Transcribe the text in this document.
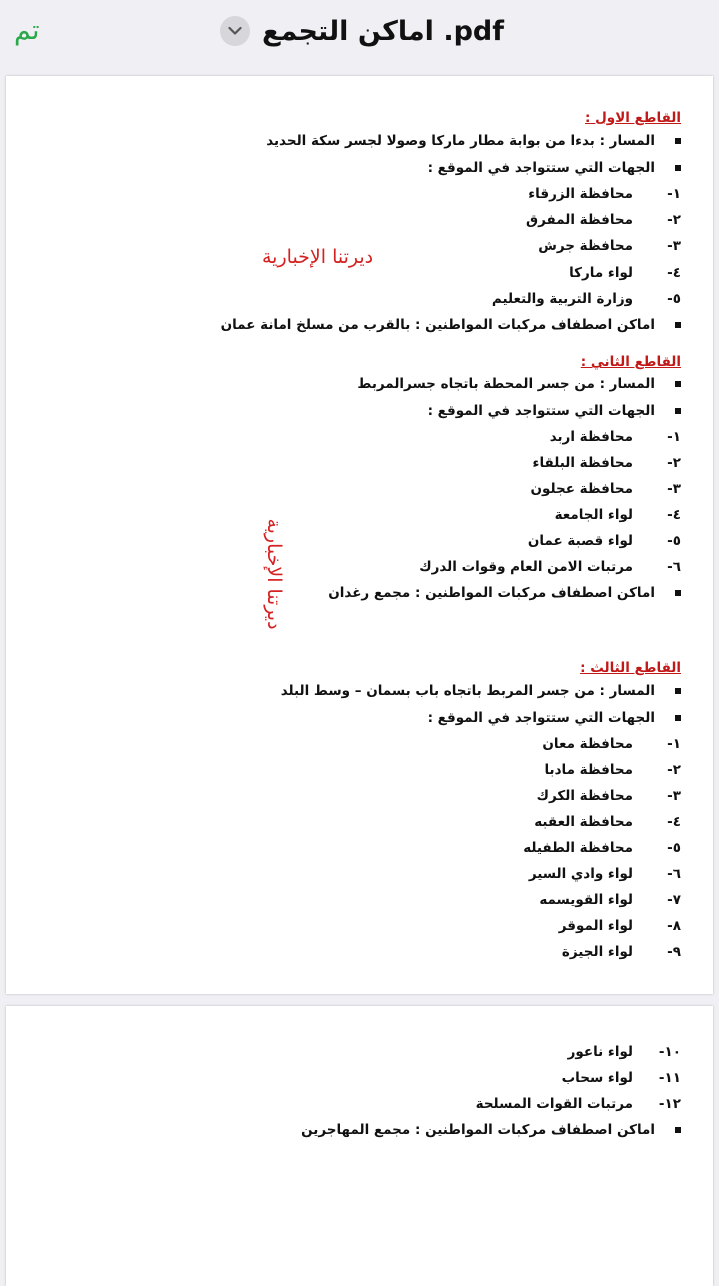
تم	اماكن التجمع .pdf
ديرتنا الإخبارية
ديرتنا الإخبارية
القاطع الاول :
المسار : بدءا من بوابة مطار ماركا وصولا لجسر سكة الحديد
الجهات التي ستتواجد في الموقع :
١-محافظة الزرقاء
٢-محافظة المفرق
٣-محافظة جرش
٤-لواء ماركا
٥-وزارة التربية والتعليم
اماكن اصطفاف مركبات المواطنين : بالقرب من مسلخ امانة عمان
القاطع الثاني :
المسار : من جسر المحطة باتجاه جسرالمربط
الجهات التي ستتواجد في الموقع :
١-محافظة اربد
٢-محافظة البلقاء
٣-محافظة عجلون
٤-لواء الجامعة
٥-لواء قصبة عمان
٦-مرتبات الامن العام وقوات الدرك
اماكن اصطفاف مركبات المواطنين : مجمع رغدان
القاطع الثالث :
المسار : من جسر المربط باتجاه باب بسمان – وسط البلد
الجهات التي ستتواجد في الموقع :
١-محافظة معان
٢-محافظة مادبا
٣-محافظة الكرك
٤-محافظة العقبه
٥-محافظة الطفيله
٦-لواء وادي السير
٧-لواء القويسمه
٨-لواء الموقر
٩-لواء الجيزة
١٠-لواء ناعور
١١-لواء سحاب
١٢-مرتبات القوات المسلحة
اماكن اصطفاف مركبات المواطنين : مجمع المهاجرين
